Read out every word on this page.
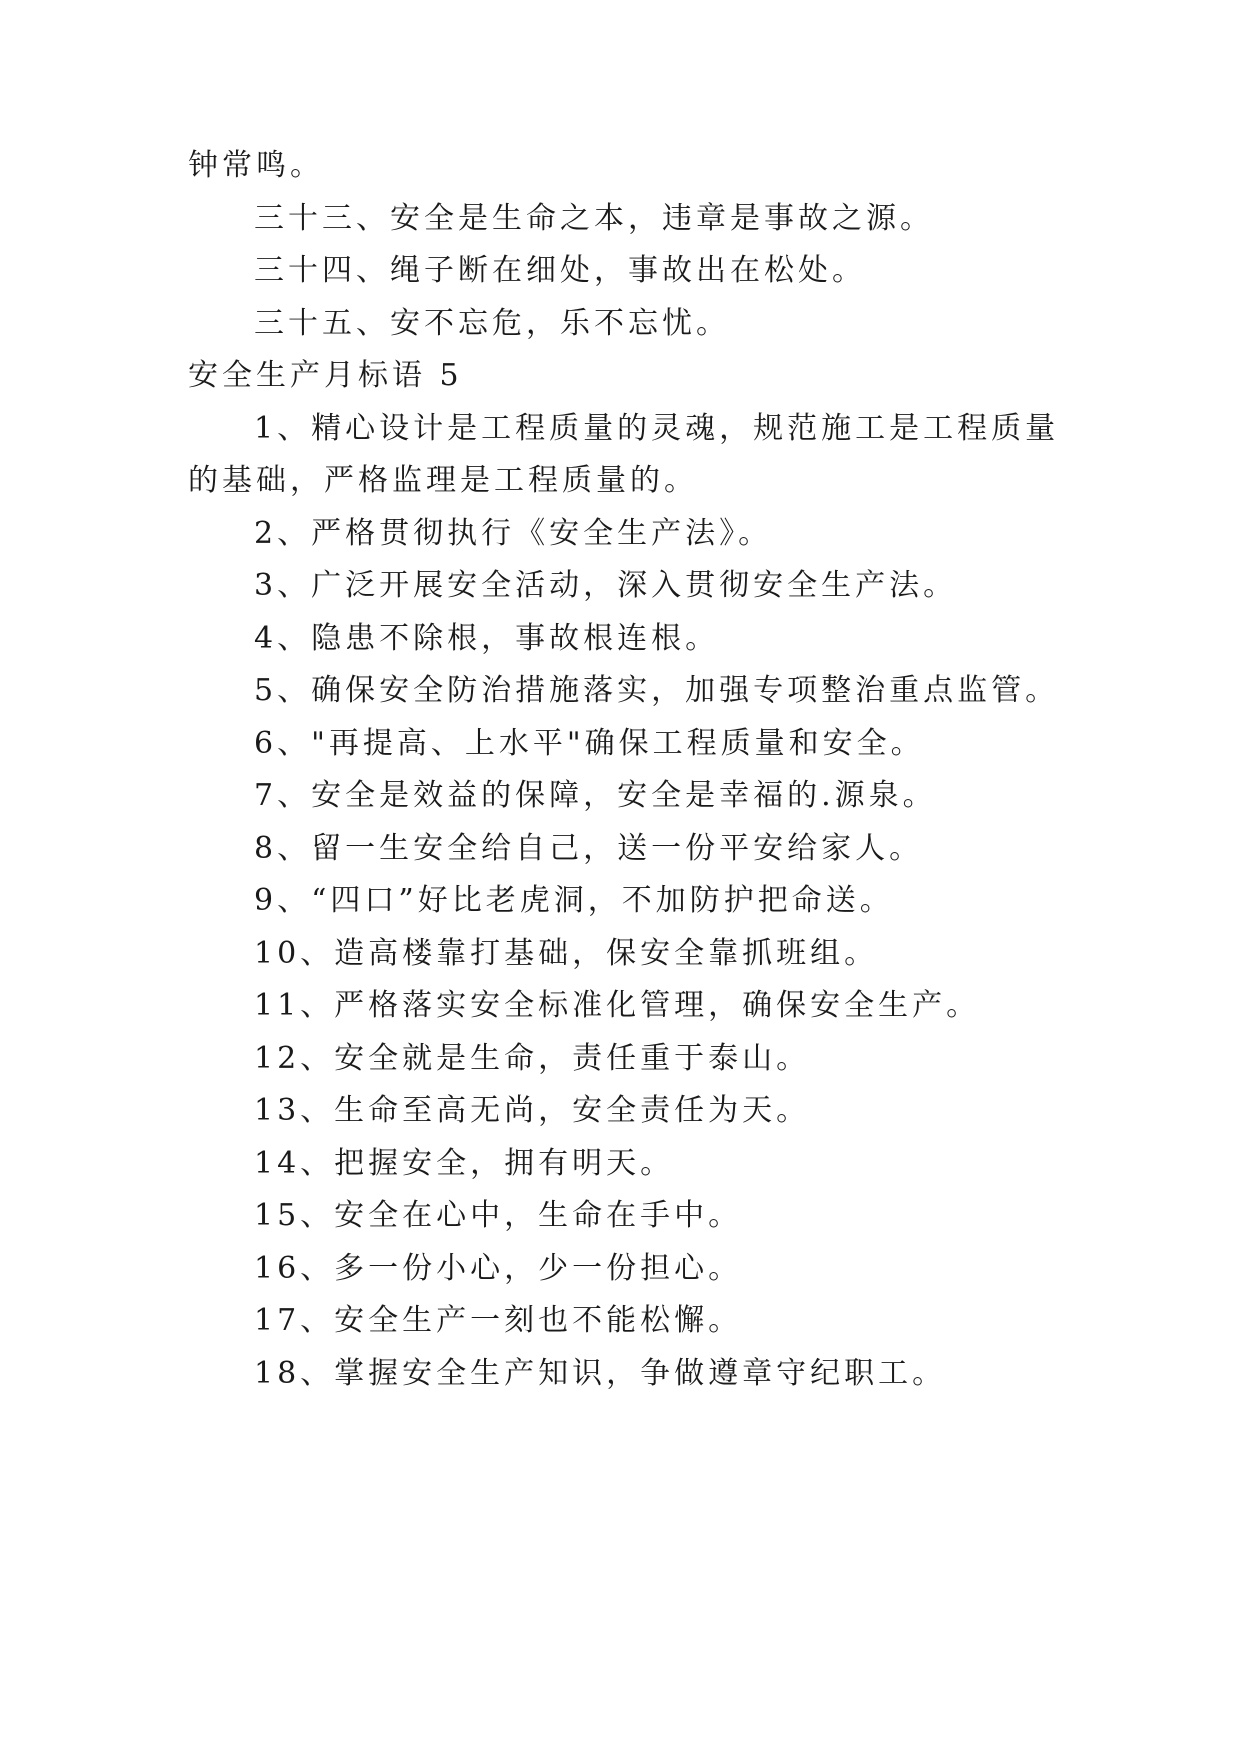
钟常鸣。
三十三、安全是生命之本，违章是事故之源。
三十四、绳子断在细处，事故出在松处。
三十五、安不忘危，乐不忘忧。
安全生产月标语 5
1、精心设计是工程质量的灵魂，规范施工是工程质量
的基础，严格监理是工程质量的。
2、严格贯彻执行《安全生产法》。
3、广泛开展安全活动，深入贯彻安全生产法。
4、隐患不除根，事故根连根。
5、确保安全防治措施落实，加强专项整治重点监管。
6、"再提高、上水平"确保工程质量和安全。
7、安全是效益的保障，安全是幸福的.源泉。
8、留一生安全给自己，送一份平安给家人。
9、“四口”好比老虎洞，不加防护把命送。
10、造高楼靠打基础，保安全靠抓班组。
11、严格落实安全标准化管理，确保安全生产。
12、安全就是生命，责任重于泰山。
13、生命至高无尚，安全责任为天。
14、把握安全，拥有明天。
15、安全在心中，生命在手中。
16、多一份小心，少一份担心。
17、安全生产一刻也不能松懈。
18、掌握安全生产知识，争做遵章守纪职工。
